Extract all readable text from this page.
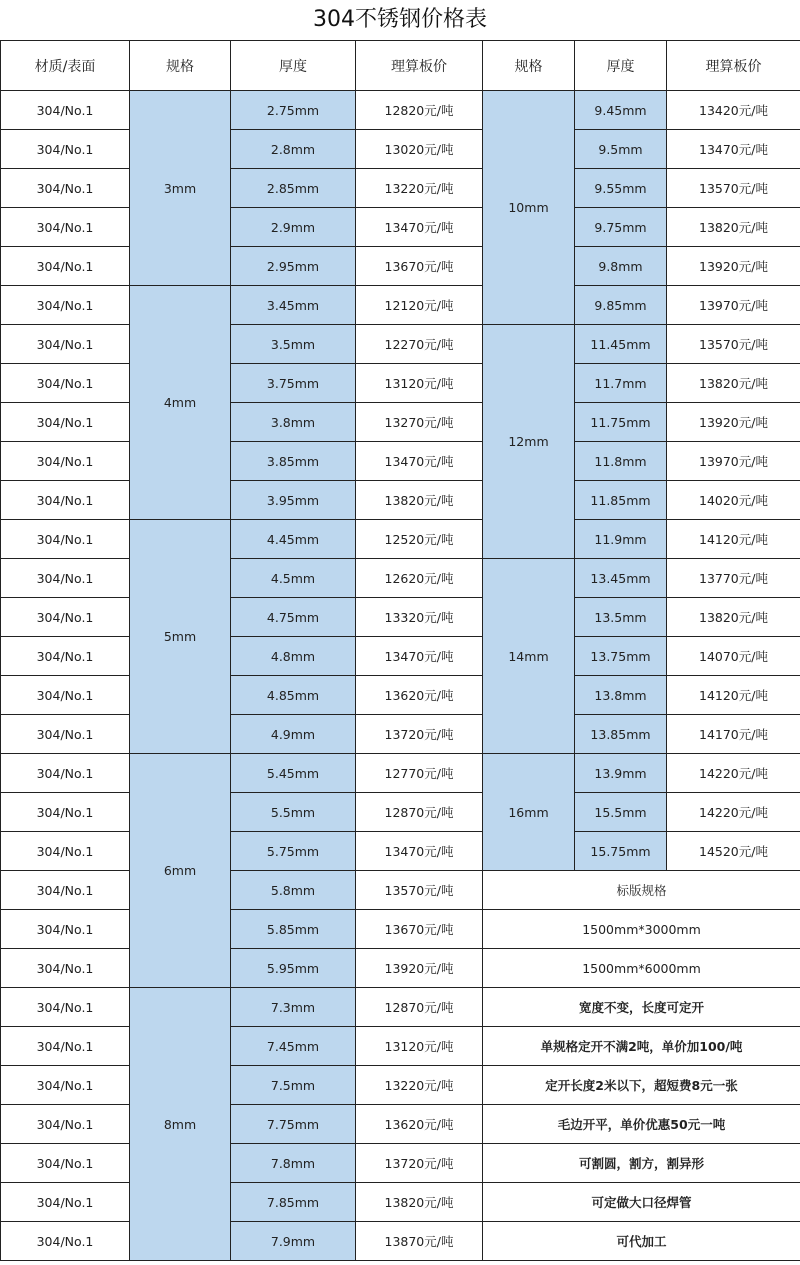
304不锈钢价格表
材质/表面	规格	厚度	理算板价	规格	厚度	理算板价
304/No.1	3mm	2.75mm	12820元/吨	10mm	9.45mm	13420元/吨
304/No.1		2.8mm	13020元/吨		9.5mm	13470元/吨
304/No.1		2.85mm	13220元/吨		9.55mm	13570元/吨
304/No.1		2.9mm	13470元/吨		9.75mm	13820元/吨
304/No.1		2.95mm	13670元/吨		9.8mm	13920元/吨
304/No.1	4mm	3.45mm	12120元/吨		9.85mm	13970元/吨
304/No.1		3.5mm	12270元/吨	12mm	11.45mm	13570元/吨
304/No.1		3.75mm	13120元/吨		11.7mm	13820元/吨
304/No.1		3.8mm	13270元/吨		11.75mm	13920元/吨
304/No.1		3.85mm	13470元/吨		11.8mm	13970元/吨
304/No.1		3.95mm	13820元/吨		11.85mm	14020元/吨
304/No.1	5mm	4.45mm	12520元/吨		11.9mm	14120元/吨
304/No.1		4.5mm	12620元/吨	14mm	13.45mm	13770元/吨
304/No.1		4.75mm	13320元/吨		13.5mm	13820元/吨
304/No.1		4.8mm	13470元/吨		13.75mm	14070元/吨
304/No.1		4.85mm	13620元/吨		13.8mm	14120元/吨
304/No.1		4.9mm	13720元/吨		13.85mm	14170元/吨
304/No.1	6mm	5.45mm	12770元/吨	16mm	13.9mm	14220元/吨
304/No.1		5.5mm	12870元/吨		15.5mm	14220元/吨
304/No.1		5.75mm	13470元/吨		15.75mm	14520元/吨
304/No.1		5.8mm	13570元/吨	标版规格		
304/No.1		5.85mm	13670元/吨	1500mm*3000mm		
304/No.1		5.95mm	13920元/吨	1500mm*6000mm		
304/No.1	8mm	7.3mm	12870元/吨	宽度不变，长度可定开		
304/No.1		7.45mm	13120元/吨	单规格定开不满2吨，单价加100/吨		
304/No.1		7.5mm	13220元/吨	定开长度2米以下，超短费8元一张		
304/No.1		7.75mm	13620元/吨	毛边开平，单价优惠50元一吨		
304/No.1		7.8mm	13720元/吨	可割圆，割方，割异形		
304/No.1		7.85mm	13820元/吨	可定做大口径焊管		
304/No.1		7.9mm	13870元/吨	可代加工		
